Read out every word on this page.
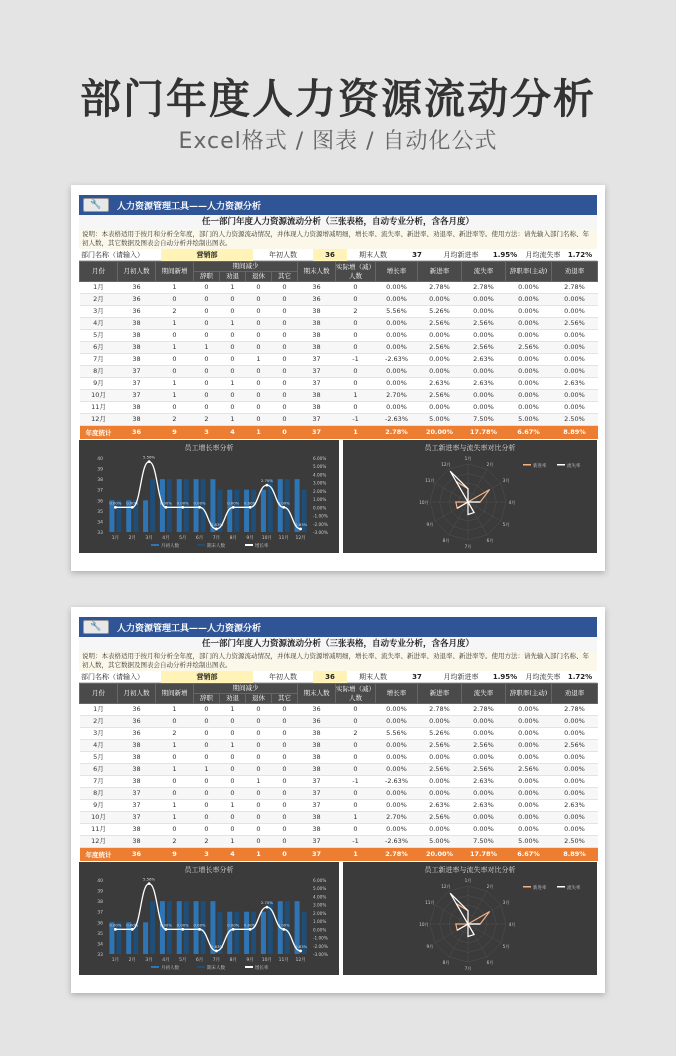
部门年度人力资源流动分析
Excel格式 / 图表 / 自动化公式
🔧	人力资源管理工具——人力资源分析
任一部门年度人力资源流动分析（三张表格，自动专业分析，含各月度）
说明：本表格适用于按月和分析全年度，部门的人力资源流动情况，并体现人力资源增减明细，增长率、流失率、新进率、劝退率、新进率等。使用方法：请先输入部门名称、年初人数，其它数据及图表会自动分析并绘制出图表。
部门名称（请输入）	营销部	年初人数	36	期末人数	37	月均新进率	1.95%	月均流失率	1.72%
月份	月初人数	期间新增	期间减少				期末人数	实际增（减）人数	增长率	新进率	流失率	辞职率(主动)	劝退率
			辞职	劝退	退休	其它							
1月	36	1	0	1	0	0	36	0	0.00%	2.78%	2.78%	0.00%	2.78%
2月	36	0	0	0	0	0	36	0	0.00%	0.00%	0.00%	0.00%	0.00%
3月	36	2	0	0	0	0	38	2	5.56%	5.26%	0.00%	0.00%	0.00%
4月	38	1	0	1	0	0	38	0	0.00%	2.56%	2.56%	0.00%	2.56%
5月	38	0	0	0	0	0	38	0	0.00%	0.00%	0.00%	0.00%	0.00%
6月	38	1	1	0	0	0	38	0	0.00%	2.56%	2.56%	2.56%	0.00%
7月	38	0	0	0	1	0	37	-1	-2.63%	0.00%	2.63%	0.00%	0.00%
8月	37	0	0	0	0	0	37	0	0.00%	0.00%	0.00%	0.00%	0.00%
9月	37	1	0	1	0	0	37	0	0.00%	2.63%	2.63%	0.00%	2.63%
10月	37	1	0	0	0	0	38	1	2.70%	2.56%	0.00%	0.00%	0.00%
11月	38	0	0	0	0	0	38	0	0.00%	0.00%	0.00%	0.00%	0.00%
12月	38	2	2	1	0	0	37	-1	-2.63%	5.00%	7.50%	5.00%	2.50%
年度统计	36	9	3	4	1	0	37	1	2.78%	20.00%	17.78%	6.67%	8.89%
员工增长率分析
40
39
38
37
36
35
34
33
6.00%
5.00%
4.00%
3.00%
2.00%
1.00%
0.00%
-1.00%
-2.00%
-3.00%
1月
0.00%
2月
0.00%
3月
5.56%
4月
0.00%
5月
0.00%
6月
0.00%
7月
-2.63%
8月
0.00%
9月
0.00%
10月
2.70%
11月
0.00%
12月
-2.63%
月初人数	期末人数	增长率
员工新进率与流失率对比分析
1月
2月
3月
4月
5月
6月
7月
8月
9月
10月
11月
12月	新进率	流失率
🔧	人力资源管理工具——人力资源分析
任一部门年度人力资源流动分析（三张表格，自动专业分析，含各月度）
说明：本表格适用于按月和分析全年度，部门的人力资源流动情况，并体现人力资源增减明细，增长率、流失率、新进率、劝退率、新进率等。使用方法：请先输入部门名称、年初人数，其它数据及图表会自动分析并绘制出图表。
部门名称（请输入）	营销部	年初人数	36	期末人数	37	月均新进率	1.95%	月均流失率	1.72%
月份	月初人数	期间新增	期间减少				期末人数	实际增（减）人数	增长率	新进率	流失率	辞职率(主动)	劝退率
			辞职	劝退	退休	其它							
1月	36	1	0	1	0	0	36	0	0.00%	2.78%	2.78%	0.00%	2.78%
2月	36	0	0	0	0	0	36	0	0.00%	0.00%	0.00%	0.00%	0.00%
3月	36	2	0	0	0	0	38	2	5.56%	5.26%	0.00%	0.00%	0.00%
4月	38	1	0	1	0	0	38	0	0.00%	2.56%	2.56%	0.00%	2.56%
5月	38	0	0	0	0	0	38	0	0.00%	0.00%	0.00%	0.00%	0.00%
6月	38	1	1	0	0	0	38	0	0.00%	2.56%	2.56%	2.56%	0.00%
7月	38	0	0	0	1	0	37	-1	-2.63%	0.00%	2.63%	0.00%	0.00%
8月	37	0	0	0	0	0	37	0	0.00%	0.00%	0.00%	0.00%	0.00%
9月	37	1	0	1	0	0	37	0	0.00%	2.63%	2.63%	0.00%	2.63%
10月	37	1	0	0	0	0	38	1	2.70%	2.56%	0.00%	0.00%	0.00%
11月	38	0	0	0	0	0	38	0	0.00%	0.00%	0.00%	0.00%	0.00%
12月	38	2	2	1	0	0	37	-1	-2.63%	5.00%	7.50%	5.00%	2.50%
年度统计	36	9	3	4	1	0	37	1	2.78%	20.00%	17.78%	6.67%	8.89%
员工增长率分析
40
39
38
37
36
35
34
33
6.00%
5.00%
4.00%
3.00%
2.00%
1.00%
0.00%
-1.00%
-2.00%
-3.00%
1月
0.00%
2月
0.00%
3月
5.56%
4月
0.00%
5月
0.00%
6月
0.00%
7月
-2.63%
8月
0.00%
9月
0.00%
10月
2.70%
11月
0.00%
12月
-2.63%
月初人数	期末人数	增长率
员工新进率与流失率对比分析
1月
2月
3月
4月
5月
6月
7月
8月
9月
10月
11月
12月	新进率	流失率
